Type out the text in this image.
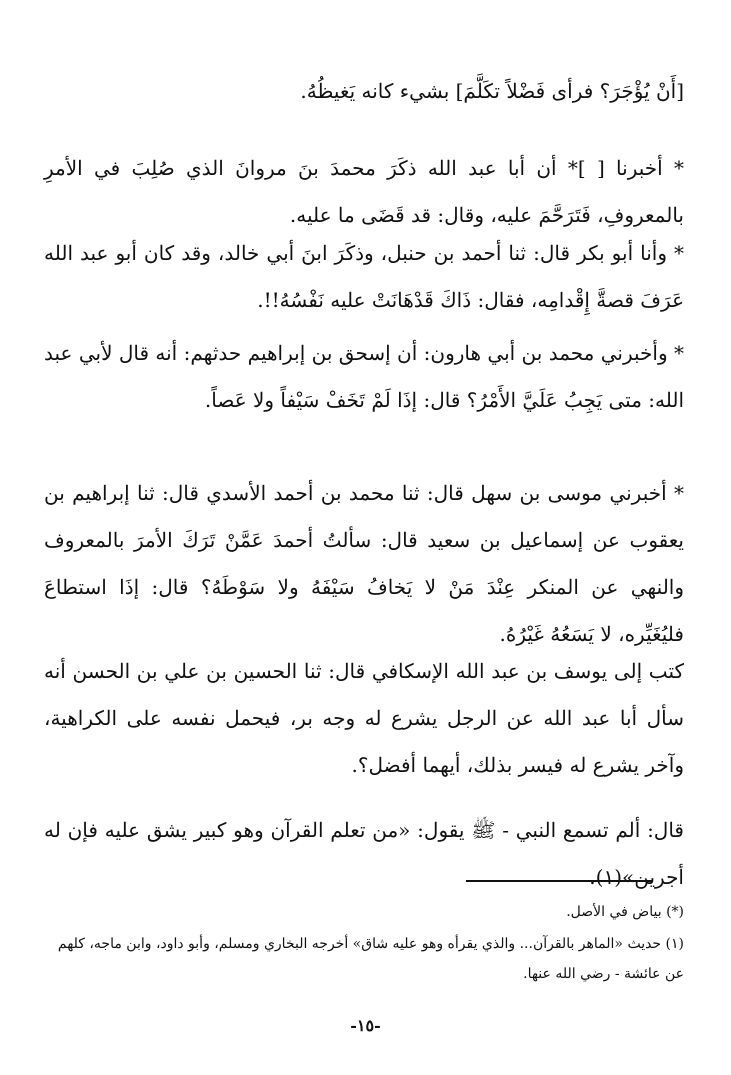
[أَنْ يُؤْجَرَ؟ فرأى فَضْلاً تكَلَّمَ] بشيء كانه يَغيظُهُ.

* أخبرنا [ ]* أن أبا عبد الله ذكَرَ محمدَ بنَ مروانَ الذي صُلِبَ في الأمرِ بالمعروفِ، فَتَرَحَّمَ عليه، وقال: قد قَضَى ما عليه.

* وأنا أبو بكر قال: ثنا أحمد بن حنبل، وذكَرَ ابنَ أبي خالد، وقد كان أبو عبد الله عَرَفَ قصةَّ إِقْدامِه، فقال: ذَاكَ قَدْهَانَتْ عليه نَفْسُهُ!!.

* وأخبرني محمد بن أبي هارون: أن إسحق بن إبراهيم حدثهم: أنه قال لأبي عبد الله: متى يَجِبُ عَلَيَّ الأَمْرُ؟ قال: إذَا لَمْ تَخَفْ سَيْفاً ولا عَصاً.

* أخبرني موسى بن سهل قال: ثنا محمد بن أحمد الأسدي قال: ثنا إبراهيم بن يعقوب عن إسماعيل بن سعيد قال: سألتُ أحمدَ عَمَّنْ تَرَكَ الأمرَ بالمعروف والنهي عن المنكر عِنْدَ مَنْ لا يَخافُ سَيْفَهُ ولا سَوْطَهُ؟ قال: إذَا استطاعَ فليُغَيِّره، لا يَسَعُهُ غَيْرُهُ.

كتب إلى يوسف بن عبد الله الإسكافي قال: ثنا الحسين بن علي بن الحسن أنه سأل أبا عبد الله عن الرجل يشرع له وجه بر، فيحمل نفسه على الكراهية، وآخر يشرع له فيسر بذلك، أيهما أفضل؟.

قال: ألم تسمع النبي - ﷺ يقول: «من تعلم القرآن وهو كبير يشق عليه فإن له أجرين»(١).

(*) بياض في الأصل.

(١) حديث «الماهر بالقرآن... والذي يقرأه وهو عليه شاق» أخرجه البخاري ومسلم، وأبو داود، وابن ماجه، كلهم عن عائشة - رضي الله عنها.

-١٥-
